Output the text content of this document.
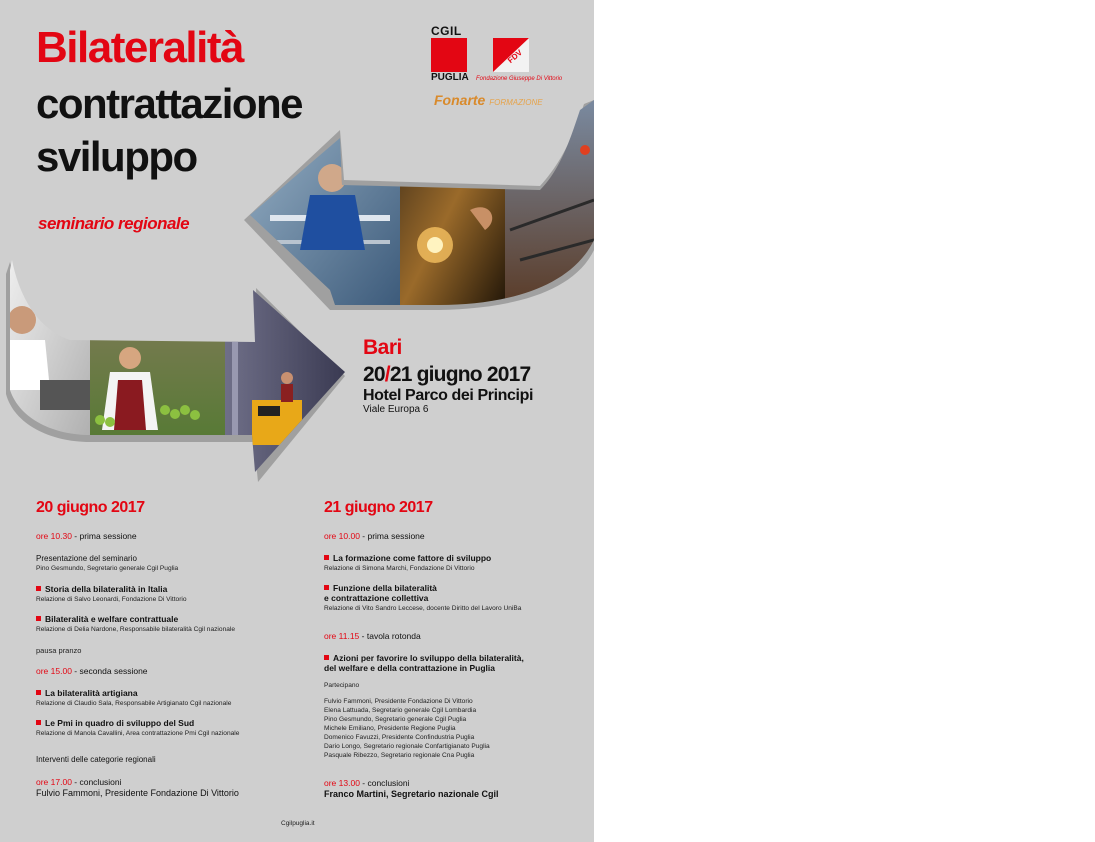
Bilateralità
contrattazione
sviluppo
seminario regionale
CGIL
PUGLIA
FDV
Fondazione Giuseppe Di Vittorio
Fonarte FORMAZIONE
Bari
20/21 giugno 2017
Hotel Parco dei Principi
Viale Europa 6
20 giugno 2017
ore 10.30 - prima sessione
Presentazione del seminario
Pino Gesmundo, Segretario generale Cgil Puglia
Storia della bilateralità in Italia
Relazione di Salvo Leonardi, Fondazione Di Vittorio
Bilateralità e welfare contrattuale
Relazione di Delia Nardone, Responsabile bilateralità Cgil nazionale
pausa pranzo
ore 15.00 - seconda sessione
La bilateralità artigiana
Relazione di Claudio Sala, Responsabile Artigianato Cgil nazionale
Le Pmi in quadro di sviluppo del Sud
Relazione di Manola Cavallini, Area contrattazione Pmi Cgil nazionale
Interventi delle categorie regionali
ore 17.00 - conclusioni
Fulvio Fammoni, Presidente Fondazione Di Vittorio
21 giugno 2017
ore 10.00 - prima sessione
La formazione come fattore di sviluppo
Relazione di Simona Marchi, Fondazione Di Vittorio
Funzione della bilateralità
e contrattazione collettiva
Relazione di Vito Sandro Leccese, docente Diritto del Lavoro UniBa
ore 11.15 - tavola rotonda
Azioni per favorire lo sviluppo della bilateralità,
del welfare e della contrattazione in Puglia
Partecipano
Fulvio Fammoni, Presidente Fondazione Di Vittorio
Elena Lattuada, Segretario generale Cgil Lombardia
Pino Gesmundo, Segretario generale Cgil Puglia
Michele Emiliano, Presidente Regione Puglia
Domenico Favuzzi, Presidente Confindustria Puglia
Dario Longo, Segretario regionale Confartigianato Puglia
Pasquale Ribezzo, Segretario regionale Cna Puglia
ore 13.00 - conclusioni
Franco Martini, Segretario nazionale Cgil
Cgilpuglia.it
